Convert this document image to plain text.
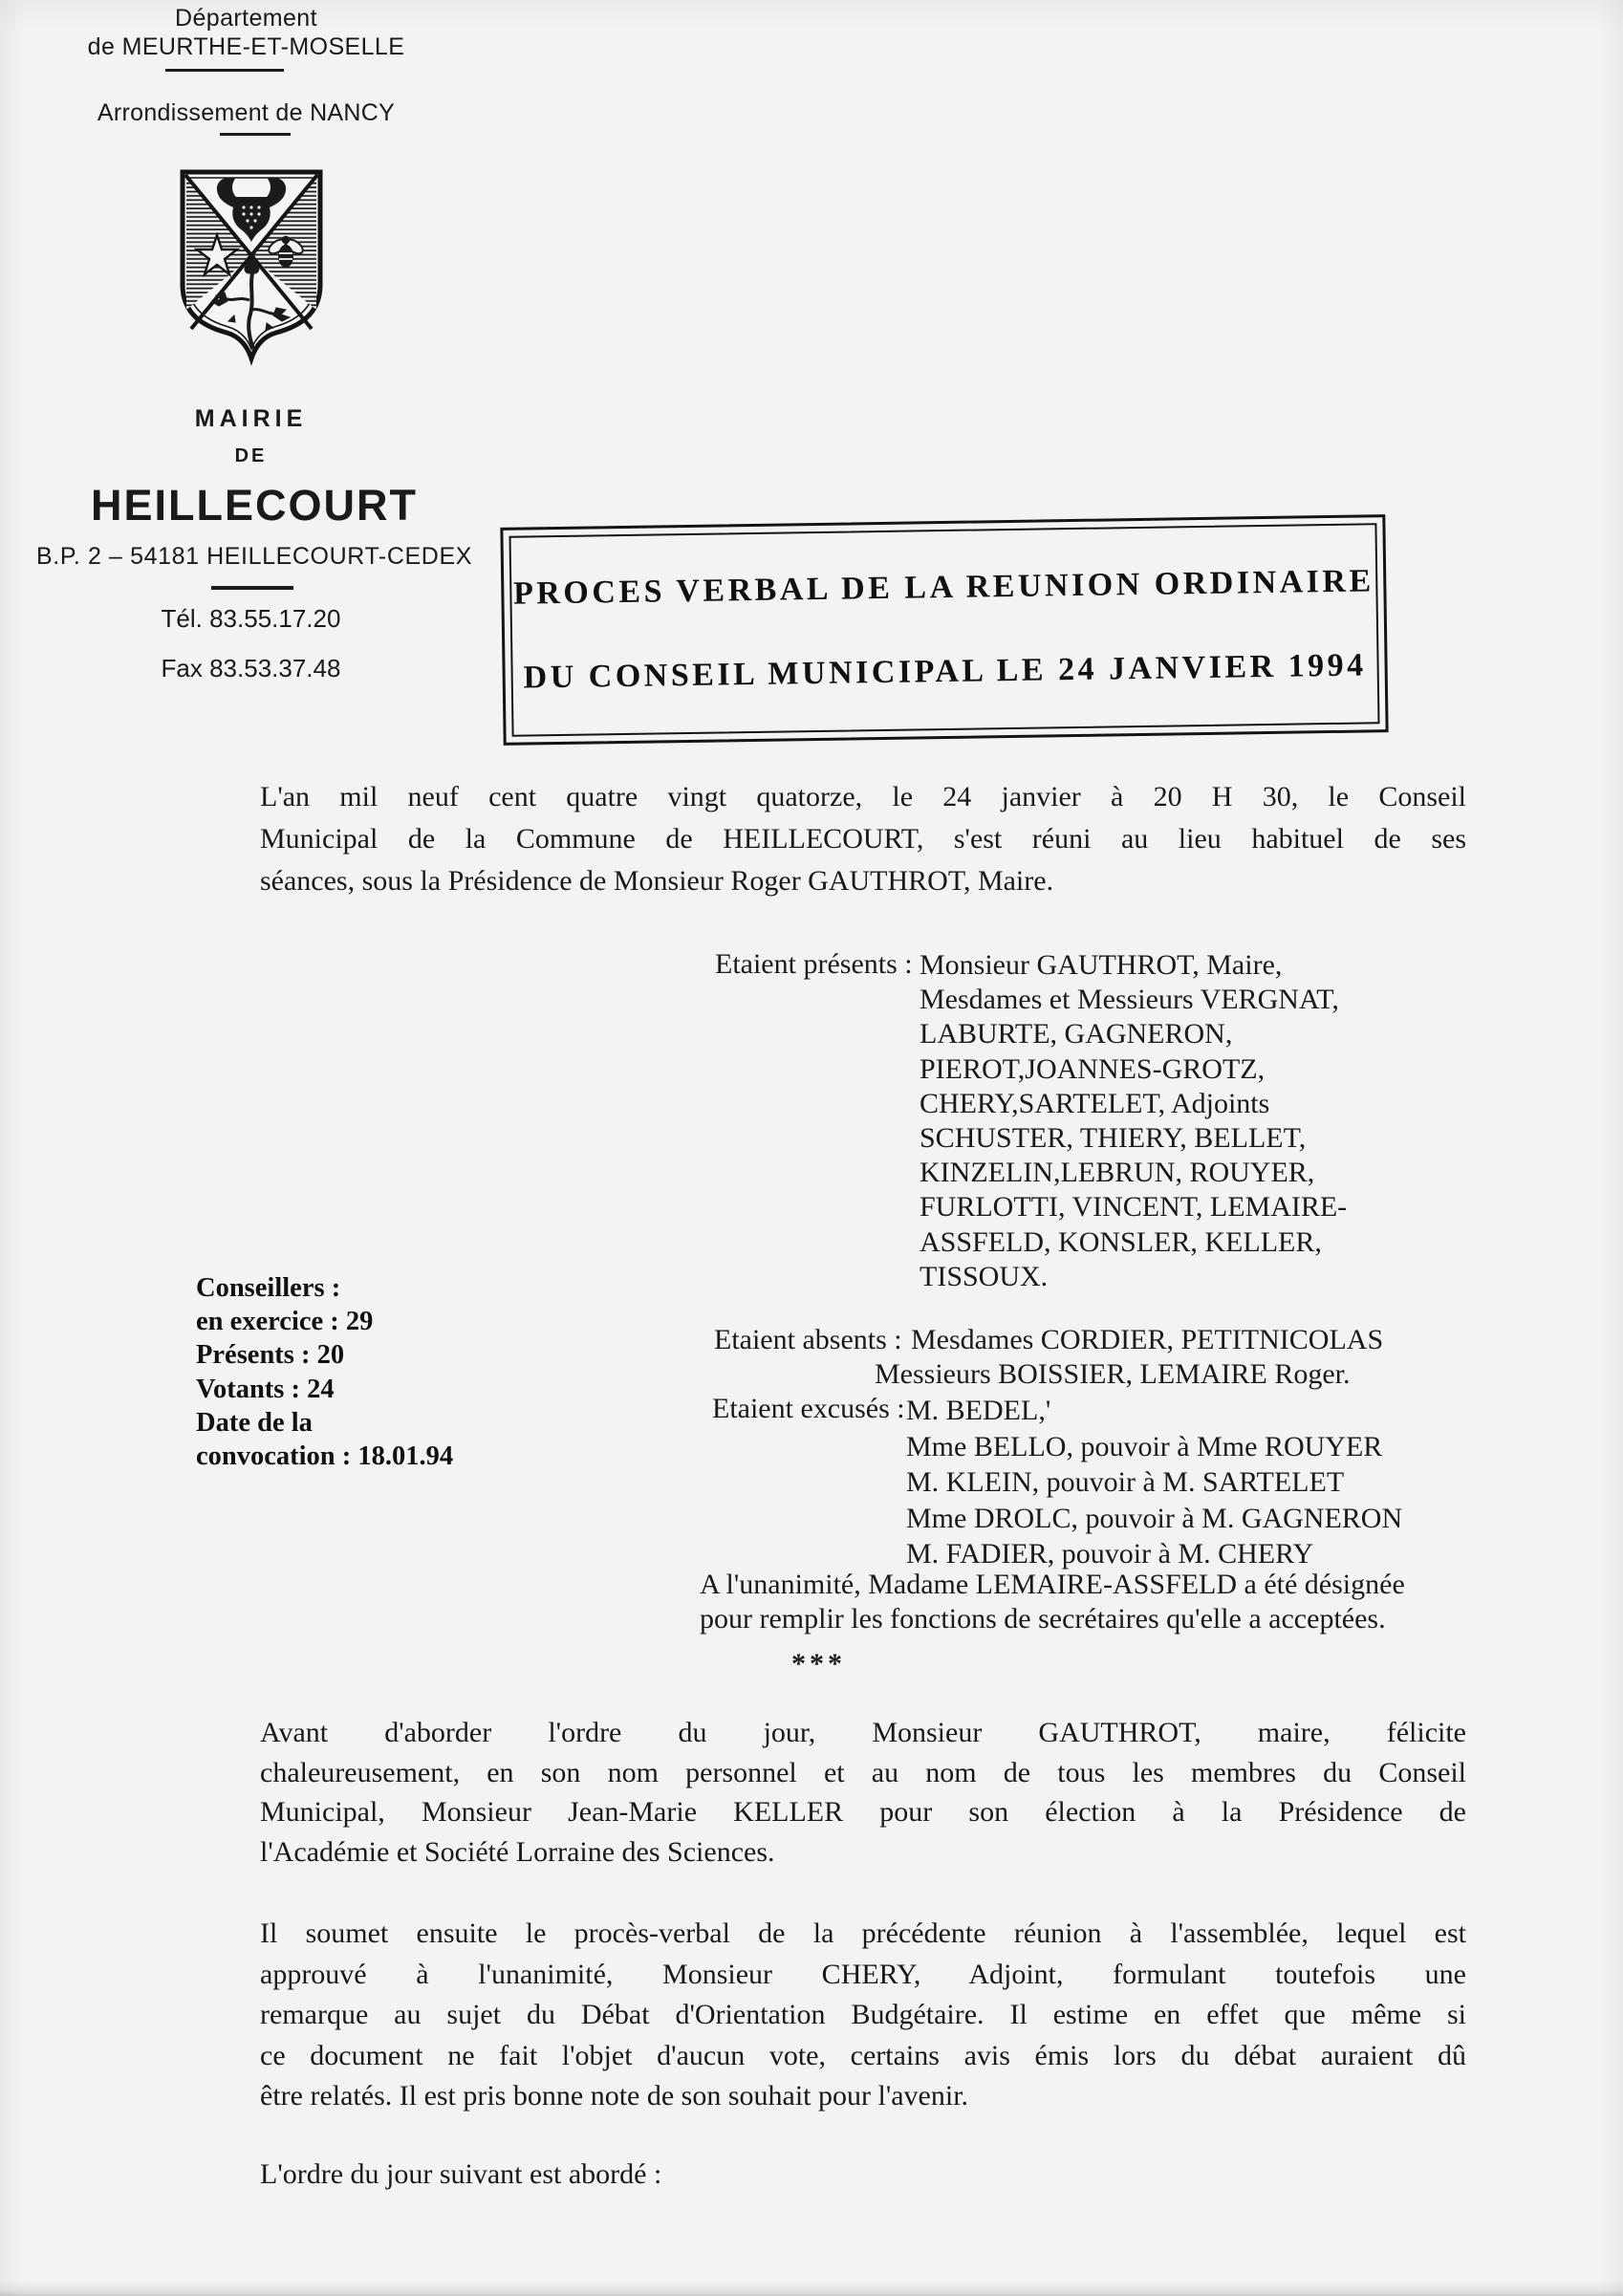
Département
de MEURTHE-ET-MOSELLE
Arrondissement de NANCY
MAIRIE
DE
HEILLECOURT
B.P. 2 – 54181 HEILLECOURT-CEDEX
Tél. 83.55.17.20
Fax 83.53.37.48
PROCES VERBAL DE LA REUNION ORDINAIRE
DU CONSEIL MUNICIPAL LE 24 JANVIER 1994
L'an mil neuf cent quatre vingt quatorze, le 24 janvier à 20 H 30, le Conseil
Municipal de la Commune de HEILLECOURT, s'est réuni au lieu habituel de ses
séances, sous la Présidence de Monsieur Roger GAUTHROT, Maire.
Etaient présents : Monsieur GAUTHROT, Maire,
Mesdames et Messieurs VERGNAT,
LABURTE, GAGNERON,
PIEROT,JOANNES-GROTZ,
CHERY,SARTELET, Adjoints
SCHUSTER, THIERY, BELLET,
KINZELIN,LEBRUN, ROUYER,
FURLOTTI, VINCENT, LEMAIRE-
ASSFELD, KONSLER, KELLER,
TISSOUX.
Conseillers :
en exercice : 29
Présents : 20
Votants : 24
Date de la
convocation : 18.01.94
Etaient absents : Mesdames CORDIER, PETITNICOLAS
Messieurs BOISSIER, LEMAIRE Roger.
Etaient excusés : M. BEDEL,'
Mme BELLO, pouvoir à Mme ROUYER
M. KLEIN, pouvoir à M. SARTELET
Mme DROLC, pouvoir à M. GAGNERON
M. FADIER, pouvoir à M. CHERY
A l'unanimité, Madame LEMAIRE-ASSFELD a été désignée
pour remplir les fonctions de secrétaires qu'elle a acceptées.
***
Avant d'aborder l'ordre du jour, Monsieur GAUTHROT, maire, félicite
chaleureusement, en son nom personnel et au nom de tous les membres du Conseil
Municipal, Monsieur Jean-Marie KELLER pour son élection à la Présidence de
l'Académie et Société Lorraine des Sciences.
Il soumet ensuite le procès-verbal de la précédente réunion à l'assemblée, lequel est
approuvé à l'unanimité, Monsieur CHERY, Adjoint, formulant toutefois une
remarque au sujet du Débat d'Orientation Budgétaire. Il estime en effet que même si
ce document ne fait l'objet d'aucun vote, certains avis émis lors du débat auraient dû
être relatés. Il est pris bonne note de son souhait pour l'avenir.
L'ordre du jour suivant est abordé :
